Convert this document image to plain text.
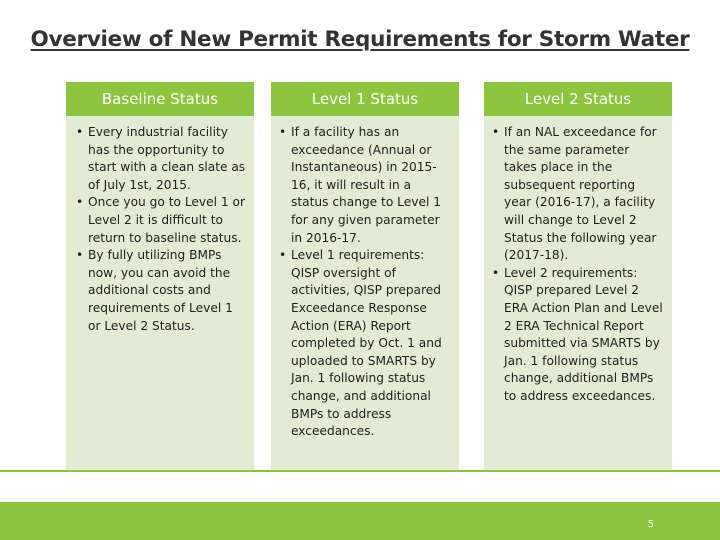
Overview of New Permit Requirements for Storm Water
Baseline Status
• Every industrial facility has the opportunity to start with a clean slate as of July 1st, 2015.
• Once you go to Level 1 or Level 2 it is difficult to return to baseline status.
• By fully utilizing BMPs now, you can avoid the additional costs and requirements of Level 1 or Level 2 Status.
Level 1 Status
• If a facility has an exceedance (Annual or Instantaneous) in 2015-16, it will result in a status change to Level 1 for any given parameter in 2016-17.
• Level 1 requirements: QISP oversight of activities, QISP prepared Exceedance Response Action (ERA) Report completed by Oct. 1 and uploaded to SMARTS by Jan. 1 following status change, and additional BMPs to address exceedances.
Level 2 Status
• If an NAL exceedance for the same parameter takes place in the subsequent reporting year (2016-17), a facility will change to Level 2 Status the following year (2017-18).
• Level 2 requirements: QISP prepared Level 2 ERA Action Plan and Level 2 ERA Technical Report submitted via SMARTS by Jan. 1 following status change, additional BMPs to address exceedances.
5
